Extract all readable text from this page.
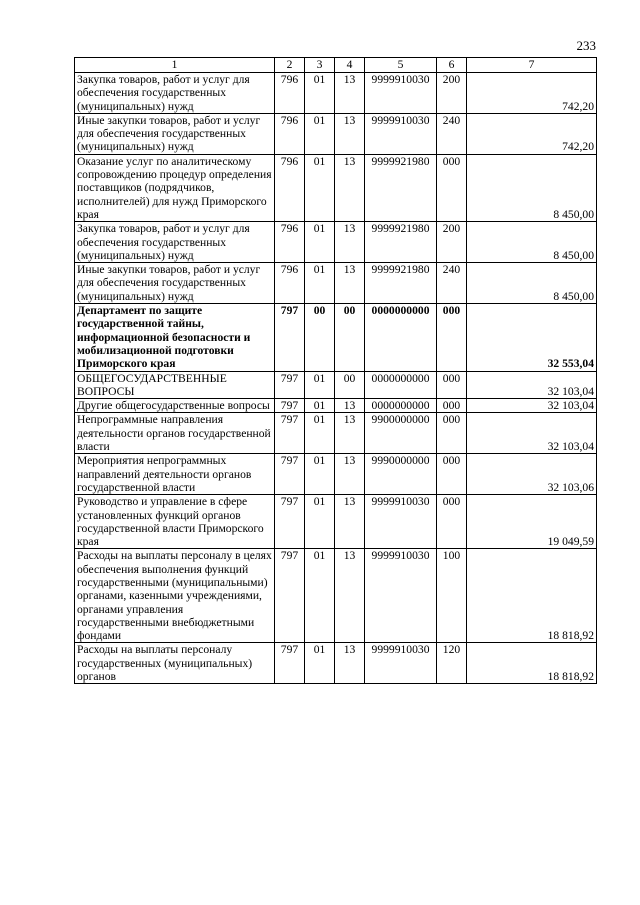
233
1	2	3	4	5	6	7
Закупка товаров, работ и услуг для обеспечения государственных (муниципальных) нужд	796	01	13	9999910030	200	742,20
Иные закупки товаров, работ и услуг для обеспечения государственных (муниципальных) нужд	796	01	13	9999910030	240	742,20
Оказание услуг по аналитическому сопровождению процедур определения поставщиков (подрядчиков, исполнителей) для нужд Приморского края	796	01	13	9999921980	000	8 450,00
Закупка товаров, работ и услуг для обеспечения государственных (муниципальных) нужд	796	01	13	9999921980	200	8 450,00
Иные закупки товаров, работ и услуг для обеспечения государственных (муниципальных) нужд	796	01	13	9999921980	240	8 450,00
Департамент по защите государственной тайны, информационной безопасности и мобилизационной подготовки Приморского края	797	00	00	0000000000	000	32 553,04
ОБЩЕГОСУДАРСТВЕННЫЕ ВОПРОСЫ	797	01	00	0000000000	000	32 103,04
Другие общегосударственные вопросы	797	01	13	0000000000	000	32 103,04
Непрограммные направления деятельности органов государственной власти	797	01	13	9900000000	000	32 103,04
Мероприятия непрограммных направлений деятельности органов государственной власти	797	01	13	9990000000	000	32 103,06
Руководство и управление в сфере установленных функций органов государственной власти Приморского края	797	01	13	9999910030	000	19 049,59
Расходы на выплаты персоналу в целях обеспечения выполнения функций государственными (муниципальными) органами, казенными учреждениями, органами управления государственными внебюджетными фондами	797	01	13	9999910030	100	18 818,92
Расходы на выплаты персоналу государственных (муниципальных) органов	797	01	13	9999910030	120	18 818,92
